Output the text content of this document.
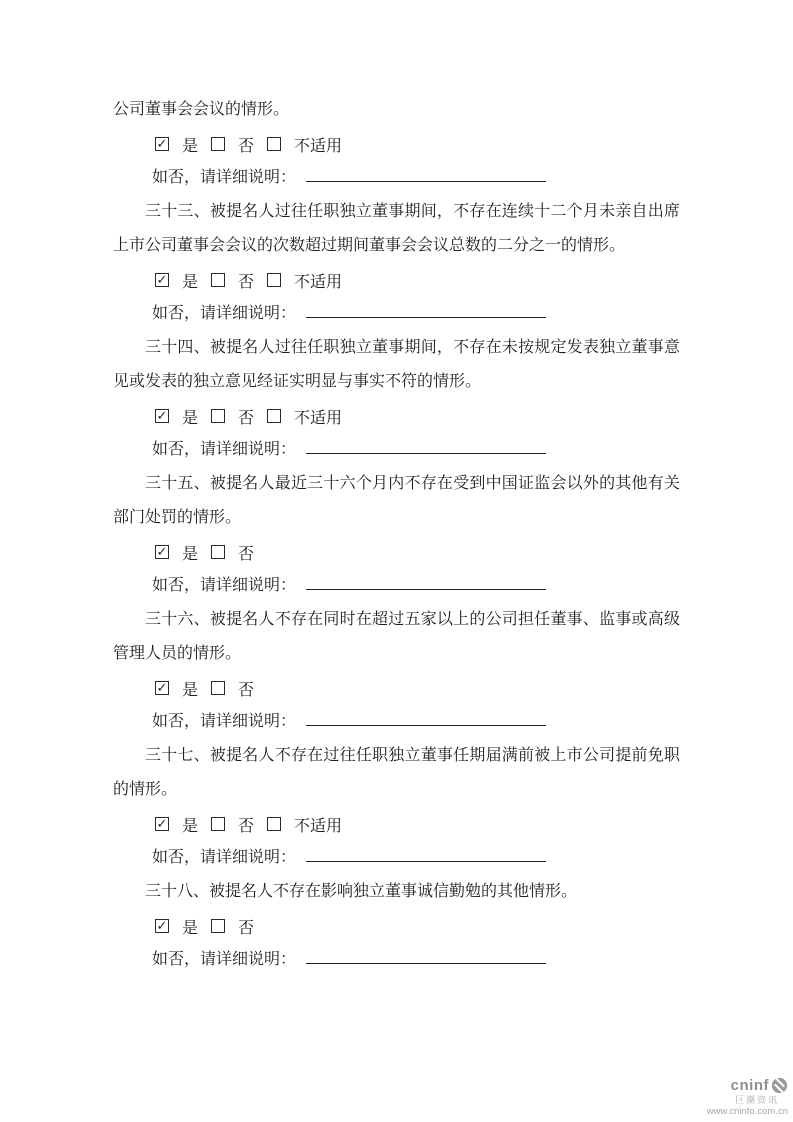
公司董事会会议的情形。

✓ 是	否	不适用
如否，请详细说明：

三十三、被提名人过往任职独立董事期间，不存在连续十二个月未亲自出席上市公司董事会会议的次数超过期间董事会会议总数的二分之一的情形。

✓ 是	否	不适用
如否，请详细说明：

三十四、被提名人过往任职独立董事期间，不存在未按规定发表独立董事意见或发表的独立意见经证实明显与事实不符的情形。

✓ 是	否	不适用
如否，请详细说明：

三十五、被提名人最近三十六个月内不存在受到中国证监会以外的其他有关部门处罚的情形。

✓ 是	否
如否，请详细说明：

三十六、被提名人不存在同时在超过五家以上的公司担任董事、监事或高级管理人员的情形。

✓ 是	否
如否，请详细说明：

三十七、被提名人不存在过往任职独立董事任期届满前被上市公司提前免职的情形。

✓ 是	否	不适用
如否，请详细说明：

三十八、被提名人不存在影响独立董事诚信勤勉的其他情形。

✓ 是	否
如否，请详细说明：
cninf
巨潮资讯
www.cninfo.com.cn
